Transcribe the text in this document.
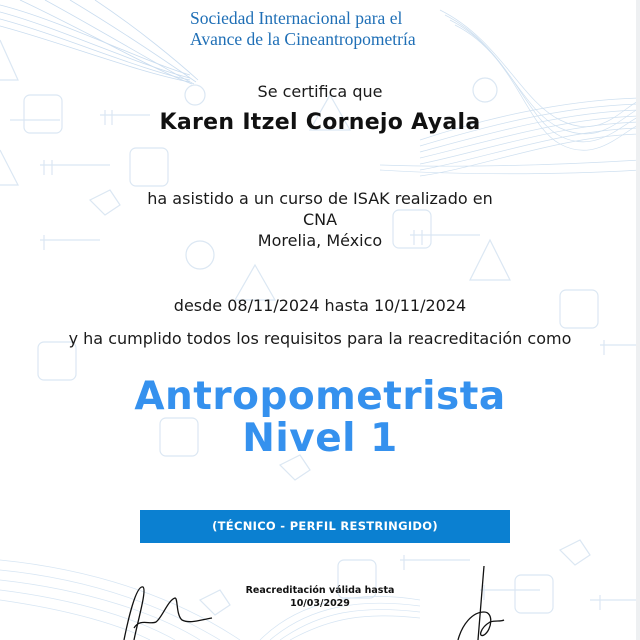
Sociedad Internacional para el
Avance de la Cineantropometría
Se certifica que
Karen Itzel Cornejo Ayala
ha asistido a un curso de ISAK realizado en
CNA
Morelia, México
desde 08/11/2024 hasta 10/11/2024
y ha cumplido todos los requisitos para la reacreditación como
Antropometrista
Nivel 1
(TÉCNICO - PERFIL RESTRINGIDO)
Reacreditación válida hasta
10/03/2029
